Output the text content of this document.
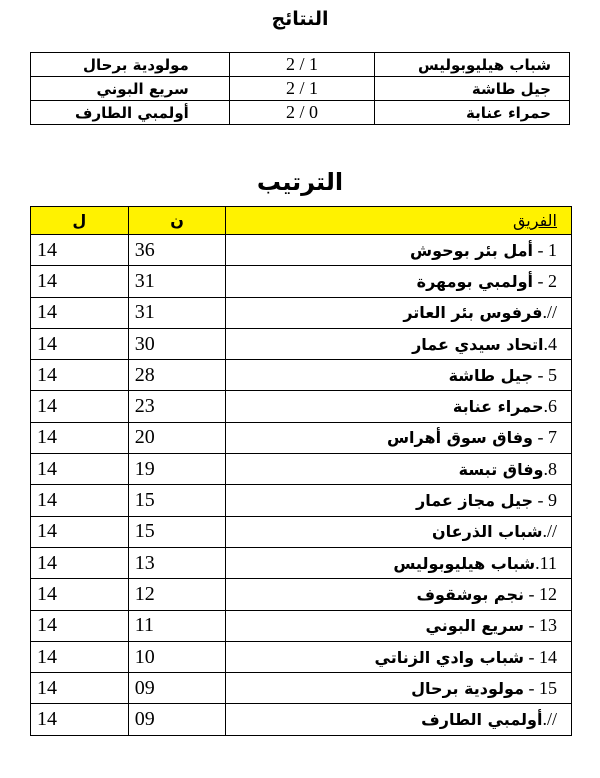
النتائج
شباب هيليوبوليس	1 / 2	مولودية برحال
جيل طاشة	1 / 2	سريع البوني
حمراء عنابة	0 / 2	أولمبي الطارف
الترتيب
الفريق	ن	ل
1 - أمل بئر بوحوش	36	14
2 - أولمبي بومهرة	31	14
//.فرفوس بئر العاتر	31	14
4.اتحاد سيدي عمار	30	14
5 - جيل طاشة	28	14
6.حمراء عنابة	23	14
7 - وفاق سوق أهراس	20	14
8.وفاق تبسة	19	14
9 - جيل مجاز عمار	15	14
//.شباب الذرعان	15	14
11.شباب هيليوبوليس	13	14
12 - نجم بوشقوف	12	14
13 - سريع البوني	11	14
14 - شباب وادي الزناتي	10	14
15 - مولودية برحال	09	14
//.أولمبي الطارف	09	14
